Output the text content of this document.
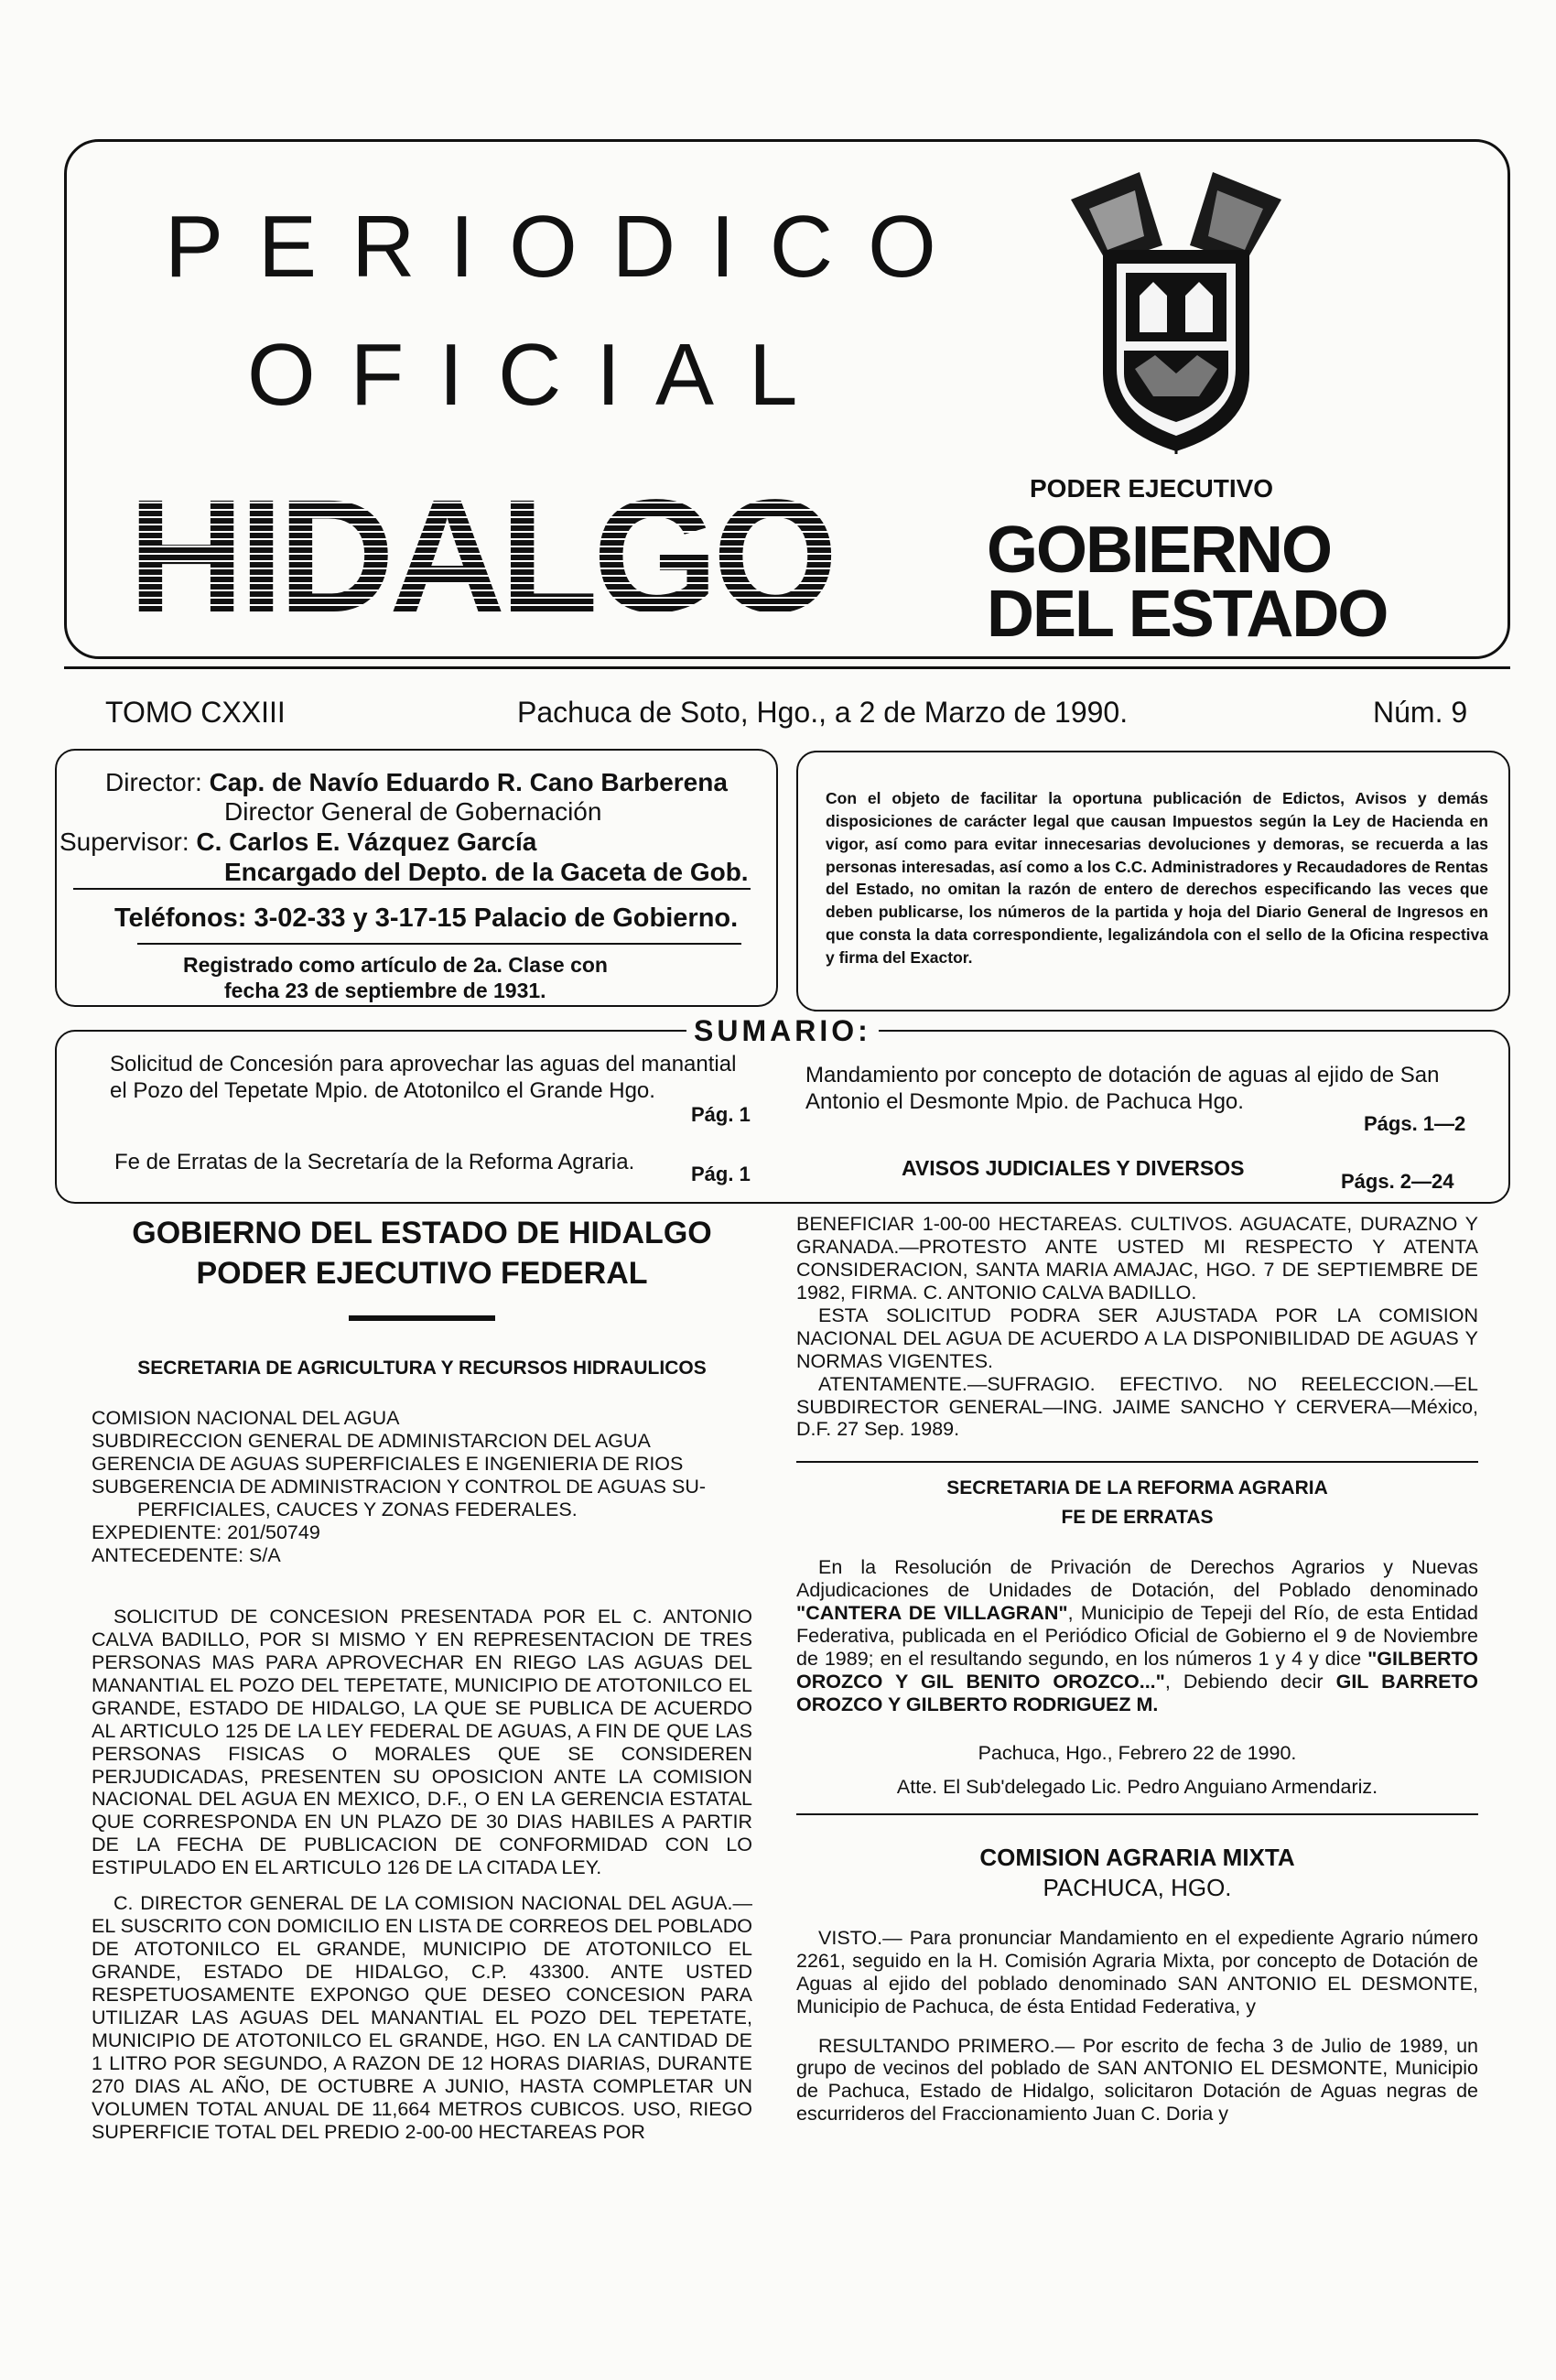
PERIODICO
OFICIAL
HIDALGO	PODER EJECUTIVO
GOBIERNO
DEL ESTADO
TOMO CXXIII	Pachuca de Soto, Hgo., a 2 de Marzo de 1990.	Núm. 9
Director: Cap. de Navío Eduardo R. Cano Barberena
Director General de Gobernación
Supervisor: C. Carlos E. Vázquez García
Encargado del Depto. de la Gaceta de Gob.
Teléfonos: 3-02-33 y 3-17-15 Palacio de Gobierno.
Registrado como artículo de 2a. Clase con
fecha 23 de septiembre de 1931.
Con el objeto de facilitar la oportuna publicación de Edictos, Avisos y demás disposiciones de carácter legal que causan Impuestos según la Ley de Hacienda en vigor, así como para evitar innecesarias devoluciones y demoras, se recuerda a las personas interesadas, así como a los C.C. Administradores y Recaudadores de Rentas del Estado, no omitan la razón de entero de derechos especificando las veces que deben publicarse, los números de la partida y hoja del Diario General de Ingresos en que consta la data correspondiente, legalizándola con el sello de la Oficina respectiva y firma del Exactor.
SUMARIO:
Solicitud de Concesión para aprovechar las aguas del manantial
el Pozo del Tepetate Mpio. de Atotonilco el Grande Hgo.
Pág. 1
Fe de Erratas de la Secretaría de la Reforma Agraria.	Pág. 1
Mandamiento por concepto de dotación de aguas al ejido de San
Antonio el Desmonte Mpio. de Pachuca Hgo.
Págs. 1—2
AVISOS JUDICIALES Y DIVERSOS
Págs. 2—24

GOBIERNO DEL ESTADO DE HIDALGO

PODER EJECUTIVO FEDERAL

SECRETARIA DE AGRICULTURA Y RECURSOS HIDRAULICOS

COMISION NACIONAL DEL AGUA

SUBDIRECCION GENERAL DE ADMINISTARCION DEL AGUA

GERENCIA DE AGUAS SUPERFICIALES E INGENIERIA DE RIOS

SUBGERENCIA DE ADMINISTRACION Y CONTROL DE AGUAS SU-

PERFICIALES, CAUCES Y ZONAS FEDERALES.

EXPEDIENTE: 201/50749

ANTECEDENTE: S/A

SOLICITUD DE CONCESION PRESENTADA POR EL C. ANTONIO CALVA BADILLO, POR SI MISMO Y EN REPRESENTACION DE TRES PERSONAS MAS PARA APROVECHAR EN RIEGO LAS AGUAS DEL MANANTIAL EL POZO DEL TEPETATE, MUNICIPIO DE ATOTONILCO EL GRANDE, ESTADO DE HIDALGO, LA QUE SE PUBLICA DE ACUERDO AL ARTICULO 125 DE LA LEY FEDERAL DE AGUAS, A FIN DE QUE LAS PERSONAS FISICAS O MORALES QUE SE CONSIDEREN PERJUDICADAS, PRESENTEN SU OPOSICION ANTE LA COMISION NACIONAL DEL AGUA EN MEXICO, D.F., O EN LA GERENCIA ESTATAL QUE CORRESPONDA EN UN PLAZO DE 30 DIAS HABILES A PARTIR DE LA FECHA DE PUBLICACION DE CONFORMIDAD CON LO ESTIPULADO EN EL ARTICULO 126 DE LA CITADA LEY.

C. DIRECTOR GENERAL DE LA COMISION NACIONAL DEL AGUA.— EL SUSCRITO CON DOMICILIO EN LISTA DE CORREOS DEL POBLADO DE ATOTONILCO EL GRANDE, MUNICIPIO DE ATOTONILCO EL GRANDE, ESTADO DE HIDALGO, C.P. 43300. ANTE USTED RESPETUOSAMENTE EXPONGO QUE DESEO CONCESION PARA UTILIZAR LAS AGUAS DEL MANANTIAL EL POZO DEL TEPETATE, MUNICIPIO DE ATOTONILCO EL GRANDE, HGO. EN LA CANTIDAD DE 1 LITRO POR SEGUNDO, A RAZON DE 12 HORAS DIARIAS, DURANTE 270 DIAS AL AÑO, DE OCTUBRE A JUNIO, HASTA COMPLETAR UN VOLUMEN TOTAL ANUAL DE 11,664 METROS CUBICOS. USO, RIEGO SUPERFICIE TOTAL DEL PREDIO 2-00-00 HECTAREAS POR

BENEFICIAR 1-00-00 HECTAREAS. CULTIVOS. AGUACATE, DURAZNO Y GRANADA.—PROTESTO ANTE USTED MI RESPECTO Y ATENTA CONSIDERACION, SANTA MARIA AMAJAC, HGO. 7 DE SEPTIEMBRE DE 1982, FIRMA. C. ANTONIO CALVA BADILLO.

ESTA SOLICITUD PODRA SER AJUSTADA POR LA COMISION NACIONAL DEL AGUA DE ACUERDO A LA DISPONIBILIDAD DE AGUAS Y NORMAS VIGENTES.

ATENTAMENTE.—SUFRAGIO. EFECTIVO. NO REELECCION.—EL SUBDIRECTOR GENERAL—ING. JAIME SANCHO Y CERVERA—México, D.F. 27 Sep. 1989.

SECRETARIA DE LA REFORMA AGRARIA

FE DE ERRATAS

En la Resolución de Privación de Derechos Agrarios y Nuevas Adjudicaciones de Unidades de Dotación, del Poblado denominado "CANTERA DE VILLAGRAN", Municipio de Tepeji del Río, de esta Entidad Federativa, publicada en el Periódico Oficial de Gobierno el 9 de Noviembre de 1989; en el resultando segundo, en los números 1 y 4 y dice "GILBERTO OROZCO Y GIL BENITO OROZCO...", Debiendo decir GIL BARRETO OROZCO Y GILBERTO RODRIGUEZ M.

Pachuca, Hgo., Febrero 22 de 1990.

Atte. El Sub'delegado Lic. Pedro Anguiano Armendariz.

COMISION AGRARIA MIXTA

PACHUCA, HGO.

VISTO.— Para pronunciar Mandamiento en el expediente Agrario número 2261, seguido en la H. Comisión Agraria Mixta, por concepto de Dotación de Aguas al ejido del poblado denominado SAN ANTONIO EL DESMONTE, Municipio de Pachuca, de ésta Entidad Federativa, y

RESULTANDO PRIMERO.— Por escrito de fecha 3 de Julio de 1989, un grupo de vecinos del poblado de SAN ANTONIO EL DESMONTE, Municipio de Pachuca, Estado de Hidalgo, solicitaron Dotación de Aguas negras de escurrideros del Fraccionamiento Juan C. Doria y
